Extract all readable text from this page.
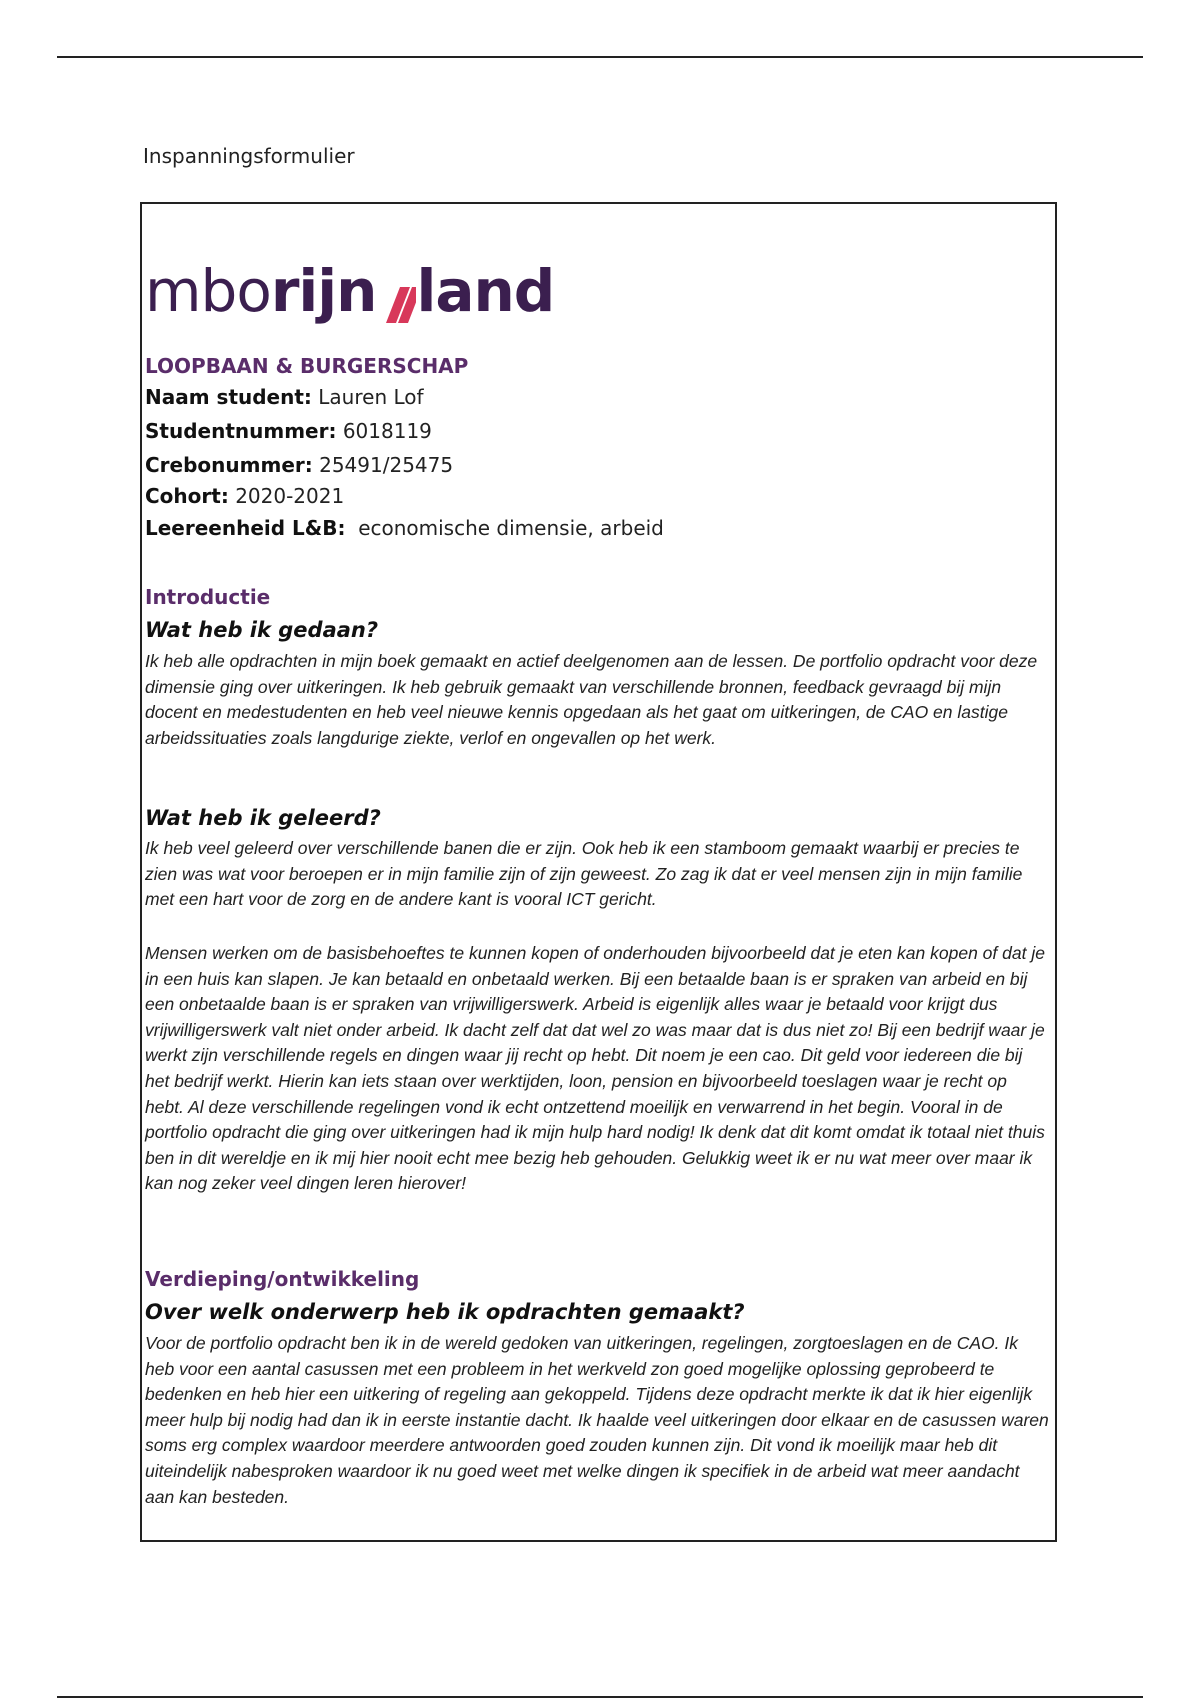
Inspanningsformulier
mborijn land
LOOPBAAN & BURGERSCHAP
Naam student: Lauren Lof
Studentnummer: 6018119
Crebonummer: 25491/25475
Cohort: 2020-2021
Leereenheid L&B: economische dimensie, arbeid
Introductie
Wat heb ik gedaan?

Ik heb alle opdrachten in mijn boek gemaakt en actief deelgenomen aan de lessen. De portfolio opdracht voor deze dimensie ging over uitkeringen. Ik heb gebruik gemaakt van verschillende bronnen, feedback gevraagd bij mijn docent en medestudenten en heb veel nieuwe kennis opgedaan als het gaat om uitkeringen, de CAO en lastige arbeidssituaties zoals langdurige ziekte, verlof en ongevallen op het werk.

Wat heb ik geleerd?

Ik heb veel geleerd over verschillende banen die er zijn. Ook heb ik een stamboom gemaakt waarbij er precies te zien was wat voor beroepen er in mijn familie zijn of zijn geweest. Zo zag ik dat er veel mensen zijn in mijn familie met een hart voor de zorg en de andere kant is vooral ICT gericht.

Mensen werken om de basisbehoeftes te kunnen kopen of onderhouden bijvoorbeeld dat je eten kan kopen of dat je in een huis kan slapen. Je kan betaald en onbetaald werken. Bij een betaalde baan is er spraken van arbeid en bij een onbetaalde baan is er spraken van vrijwilligerswerk. Arbeid is eigenlijk alles waar je betaald voor krijgt dus vrijwilligerswerk valt niet onder arbeid. Ik dacht zelf dat dat wel zo was maar dat is dus niet zo! Bij een bedrijf waar je werkt zijn verschillende regels en dingen waar jij recht op hebt. Dit noem je een cao. Dit geld voor iedereen die bij het bedrijf werkt. Hierin kan iets staan over werktijden, loon, pension en bijvoorbeeld toeslagen waar je recht op hebt. Al deze verschillende regelingen vond ik echt ontzettend moeilijk en verwarrend in het begin. Vooral in de portfolio opdracht die ging over uitkeringen had ik mijn hulp hard nodig! Ik denk dat dit komt omdat ik totaal niet thuis ben in dit wereldje en ik mij hier nooit echt mee bezig heb gehouden. Gelukkig weet ik er nu wat meer over maar ik kan nog zeker veel dingen leren hierover!

Verdieping/ontwikkeling
Over welk onderwerp heb ik opdrachten gemaakt?

Voor de portfolio opdracht ben ik in de wereld gedoken van uitkeringen, regelingen, zorgtoeslagen en de CAO. Ik heb voor een aantal casussen met een probleem in het werkveld zon goed mogelijke oplossing geprobeerd te bedenken en heb hier een uitkering of regeling aan gekoppeld. Tijdens deze opdracht merkte ik dat ik hier eigenlijk meer hulp bij nodig had dan ik in eerste instantie dacht. Ik haalde veel uitkeringen door elkaar en de casussen waren soms erg complex waardoor meerdere antwoorden goed zouden kunnen zijn. Dit vond ik moeilijk maar heb dit uiteindelijk nabesproken waardoor ik nu goed weet met welke dingen ik specifiek in de arbeid wat meer aandacht aan kan besteden.
